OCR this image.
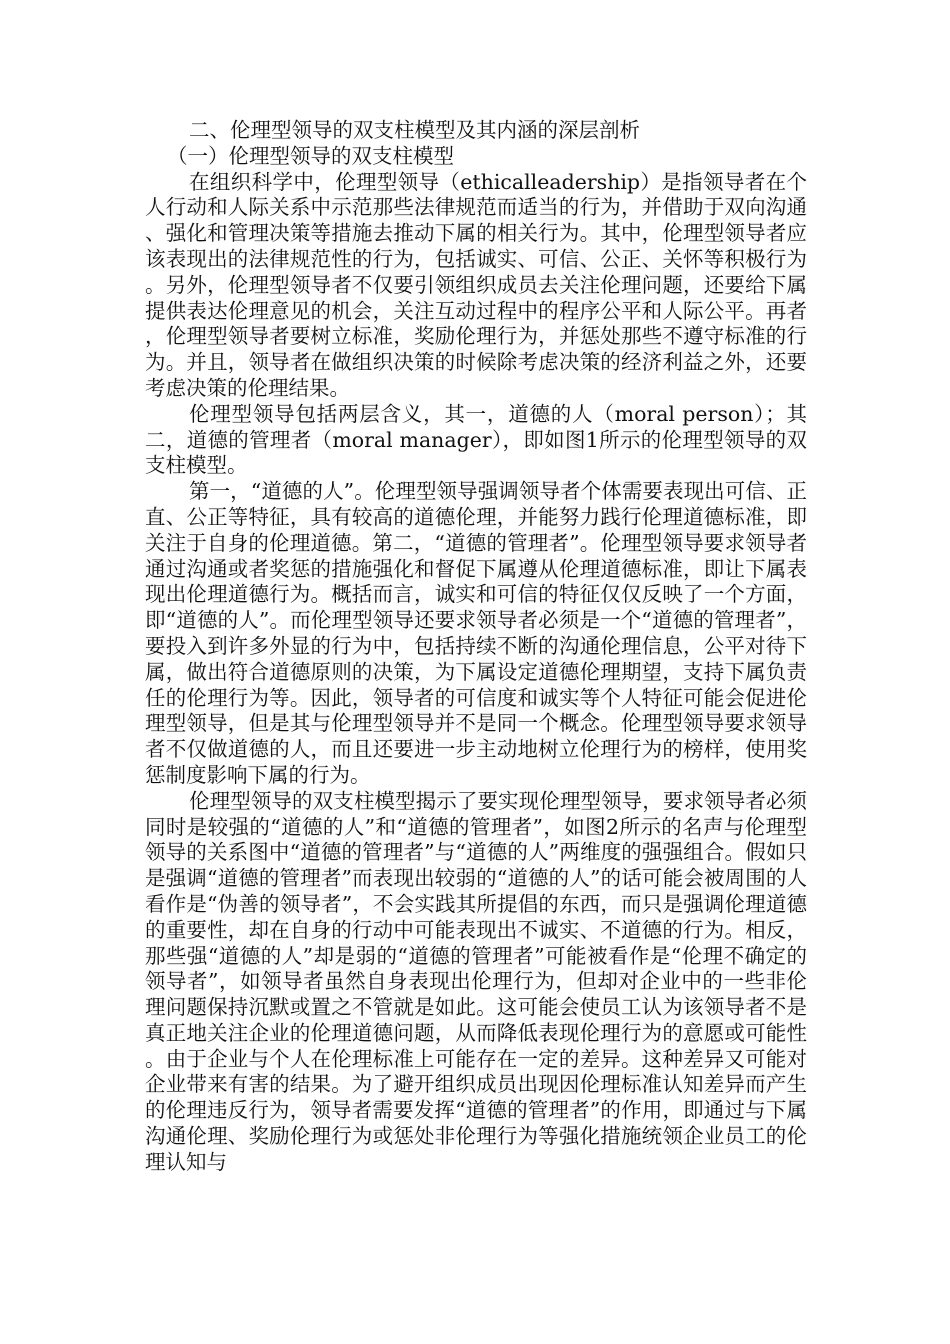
二、伦理型领导的双支柱模型及其内涵的深层剖析

（一）伦理型领导的双支柱模型

在组织科学中，伦理型领导（ethicalleadership）是指领导者在个人行动和人际关系中示范那些法律规范而适当的行为，并借助于双向沟通、强化和管理决策等措施去推动下属的相关行为。其中，伦理型领导者应该表现出的法律规范性的行为，包括诚实、可信、公正、关怀等积极行为。另外，伦理型领导者不仅要引领组织成员去关注伦理问题，还要给下属提供表达伦理意见的机会，关注互动过程中的程序公平和人际公平。再者，伦理型领导者要树立标准，奖励伦理行为，并惩处那些不遵守标准的行为。并且，领导者在做组织决策的时候除考虑决策的经济利益之外，还要考虑决策的伦理结果。

伦理型领导包括两层含义，其一，道德的人（moral person）；其二，道德的管理者（moral manager），即如图1所示的伦理型领导的双支柱模型。

第一，“道德的人”。伦理型领导强调领导者个体需要表现出可信、正直、公正等特征，具有较高的道德伦理，并能努力践行伦理道德标准，即关注于自身的伦理道德。第二，“道德的管理者”。伦理型领导要求领导者通过沟通或者奖惩的措施强化和督促下属遵从伦理道德标准，即让下属表现出伦理道德行为。概括而言，诚实和可信的特征仅仅反映了一个方面，即“道德的人”。而伦理型领导还要求领导者必须是一个“道德的管理者”，要投入到许多外显的行为中，包括持续不断的沟通伦理信息，公平对待下属，做出符合道德原则的决策，为下属设定道德伦理期望，支持下属负责任的伦理行为等。因此，领导者的可信度和诚实等个人特征可能会促进伦理型领导，但是其与伦理型领导并不是同一个概念。伦理型领导要求领导者不仅做道德的人，而且还要进一步主动地树立伦理行为的榜样，使用奖惩制度影响下属的行为。

伦理型领导的双支柱模型揭示了要实现伦理型领导，要求领导者必须同时是较强的“道德的人”和“道德的管理者”，如图2所示的名声与伦理型领导的关系图中“道德的管理者”与“道德的人”两维度的强强组合。假如只是强调“道德的管理者”而表现出较弱的“道德的人”的话可能会被周围的人看作是“伪善的领导者”，不会实践其所提倡的东西，而只是强调伦理道德的重要性，却在自身的行动中可能表现出不诚实、不道德的行为。相反，那些强“道德的人”却是弱的“道德的管理者”可能被看作是“伦理不确定的领导者”，如领导者虽然自身表现出伦理行为，但却对企业中的一些非伦理问题保持沉默或置之不管就是如此。这可能会使员工认为该领导者不是真正地关注企业的伦理道德问题，从而降低表现伦理行为的意愿或可能性。由于企业与个人在伦理标准上可能存在一定的差异。这种差异又可能对企业带来有害的结果。为了避开组织成员出现因伦理标准认知差异而产生的伦理违反行为，领导者需要发挥“道德的管理者”的作用，即通过与下属沟通伦理、奖励伦理行为或惩处非伦理行为等强化措施统领企业员工的伦理认知与
